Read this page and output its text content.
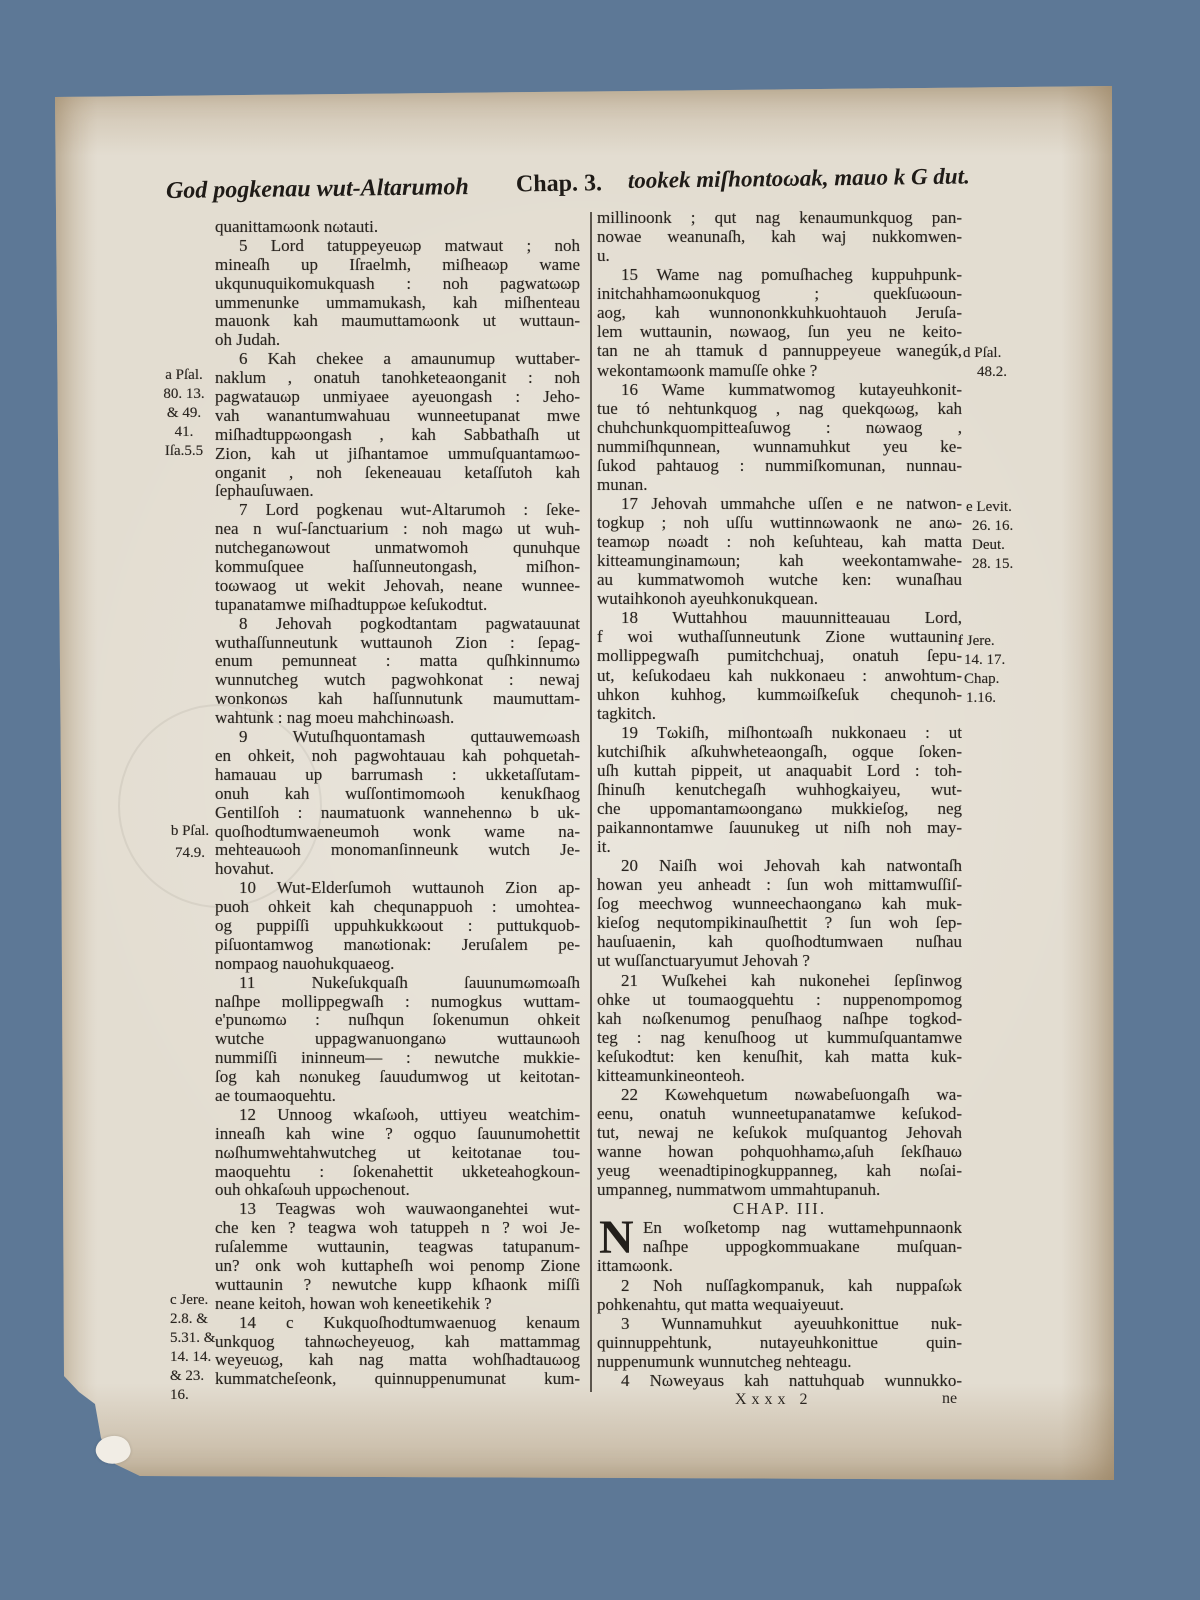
God pogkenau wut-Altarumoh Chap. 3. tookek miſhontoωak, mauo k G dut.
quanittamωonk nωtauti.
5 Lord tatuppeyeuωp matwaut ; noh
mineaſh up Iſraelmh, miſheaωp wame
ukqunuquikomukquash : noh pagwatωωp
ummenunke ummamukash, kah miſhenteau
mauonk kah maumuttamωonk ut wuttaun-
oh Judah.
6 Kah chekee a amaunumup wuttaber-
naklum , onatuh tanohketeaonganit : noh
pagwatauωp unmiyaee ayeuongash : Jeho-
vah wanantumwahuau wunneetupanat mwe
miſhadtuppωongash , kah Sabbathaſh ut
Zion, kah ut jiſhantamoe ummuſquantamωo-
onganit , noh ſekeneauau ketaſſutoh kah
ſephauſuwaen.
7 Lord pogkenau wut-Altarumoh : ſeke-
nea n wuſ-ſanctuarium : noh magω ut wuh-
nutcheganωwout unmatwomoh qunuhque
kommuſquee haſſunneutongash, miſhon-
toωwaog ut wekit Jehovah, neane wunnee-
tupanatamwe miſhadtuppωe keſukodtut.
8 Jehovah pogkodtantam pagwatauunat
wuthaſſunneutunk wuttaunoh Zion : ſepag-
enum pemunneat : matta quſhkinnumω
wunnutcheg wutch pagwohkonat : newaj
wonkonωs kah haſſunnutunk maumuttam-
wahtunk : nag moeu mahchinωash.
9 Wutuſhquontamash quttauwemωash
en ohkeit, noh pagwohtauau kah pohquetah-
hamauau up barrumash : ukketaſſutam-
onuh kah wuſſontimomωoh kenukſhaog
Gentilſoh : naumatuonk wannehennω b uk-
quoſhodtumwaeneumoh wonk wame na-
mehteauωoh monomanſinneunk wutch Je-
hovahut.
10 Wut-Elderſumoh wuttaunoh Zion ap-
puoh ohkeit kah chequnappuoh : umohtea-
og puppiſſi uppuhkukkωout : puttukquob-
piſuontamwog manωtionak: Jeruſalem pe-
nompaog nauohukquaeog.
11 Nukeſukquaſh ſauunumωmωaſh
naſhpe mollippegwaſh : numogkus wuttam-
e'punωmω : nuſhqun ſokenumun ohkeit
wutche uppagwanuonganω wuttaunωoh
nummiſſi ininneum— : newutche mukkie-
ſog kah nωnukeg ſauudumwog ut keitotan-
ae toumaoquehtu.
12 Unnoog wkaſωoh, uttiyeu weatchim-
inneaſh kah wine ? ogquo ſauunumohettit
nωſhumwehtahwutcheg ut keitotanae tou-
maoquehtu : ſokenahettit ukketeahogkoun-
ouh ohkaſωuh uppωchenout.
13 Teagwas woh wauwaonganehtei wut-
che ken ? teagwa woh tatuppeh n ? woi Je-
ruſalemme wuttaunin, teagwas tatupanum-
un? onk woh kuttapheſh woi penomp Zione
wuttaunin ? newutche kupp kſhaonk miſſi
neane keitoh, howan woh keneetikehik ?
14 c Kukquoſhodtumwaenuog kenaum
unkquog tahnωcheyeuog, kah mattammag
weyeuωg, kah nag matta wohſhadtauωog
kummatcheſeonk, quinnuppenumunat kum-
millinoonk ; qut nag kenaumunkquog pan-
nowae weanunaſh, kah waj nukkomwen-
u.
15 Wame nag pomuſhacheg kuppuhpunk-
initchahhamωonukquog ; quekſuωoun-
aog, kah wunnononkkuhkuohtauoh Jeruſa-
lem wuttaunin, nωwaog, ſun yeu ne keito-
tan ne ah ttamuk d pannuppeyeue wanegúk,
wekontamωonk mamuſſe ohke ?
16 Wame kummatwomog kutayeuhkonit-
tue tó nehtunkquog , nag quekqωωg, kah
chuhchunkquompitteaſuwog : nωwaog ,
nummiſhqunnean, wunnamuhkut yeu ke-
ſukod pahtauog : nummiſkomunan, nunnau-
munan.
17 Jehovah ummahche uſſen e ne natwon-
togkup ; noh uſſu wuttinnωwaonk ne anω-
teamωp nωadt : noh keſuhteau, kah matta
kitteamunginamωun; kah weekontamwahe-
au kummatwomoh wutche ken: wunaſhau
wutaihkonoh ayeuhkonukquean.
18 Wuttahhou mauunnitteauau Lord,
f woi wuthaſſunneutunk Zione wuttaunin,
mollippegwaſh pumitchchuaj, onatuh ſepu-
ut, keſukodaeu kah nukkonaeu : anwohtum-
uhkon kuhhog, kummωiſkeſuk chequnoh-
tagkitch.
19 Tωkiſh, miſhontωaſh nukkonaeu : ut
kutchiſhik aſkuhwheteaongaſh, ogque ſoken-
uſh kuttah pippeit, ut anaquabit Lord : toh-
ſhinuſh kenutchegaſh wuhhogkaiyeu, wut-
che uppomantamωonganω mukkieſog, neg
paikannontamwe ſauunukeg ut niſh noh may-
it.
20 Naiſh woi Jehovah kah natwontaſh
howan yeu anheadt : ſun woh mittamwuſſiſ-
ſog meechwog wunneechaonganω kah muk-
kieſog nequtompikinauſhettit ? ſun woh ſep-
hauſuaenin, kah quoſhodtumwaen nuſhau
ut wuſſanctuaryumut Jehovah ?
21 Wuſkehei kah nukonehei ſepſinwog
ohke ut toumaogquehtu : nuppenompomog
kah nωſkenumog penuſhaog naſhpe togkod-
teg : nag kenuſhoog ut kummuſquantamwe
keſukodtut: ken kenuſhit, kah matta kuk-
kitteamunkineonteoh.
22 Kωwehquetum nωwabeſuongaſh wa-
eenu, onatuh wunneetupanatamwe keſukod-
tut, newaj ne keſukok muſquantog Jehovah
wanne howan pohquohhamω,aſuh ſekſhauω
yeug weenadtipinogkuppanneg, kah nωſai-
umpanneg, nummatwom ummahtupanuh.
CHAP. III.
N En woſketomp nag wuttamehpunnaonk
naſhpe uppogkommuakane muſquan-
ittamωonk.
2 Noh nuſſagkompanuk, kah nuppaſωk
pohkenahtu, qut matta wequaiyeuut.
3 Wunnamuhkut ayeuuhkonittue nuk-
quinnuppehtunk, nutayeuhkonittue quin-
nuppenumunk wunnutcheg nehteagu.
4 Nωweyaus kah nattuhquab wunnukko-
a Pſal.
80. 13.
& 49.
41.
Iſa.5.5
b Pſal.
74.9.
c Jere.
2.8. &
5.31. &
14. 14.
& 23.
16.
d Pſal.
48.2.
e Levit.
26. 16.
Deut.
28. 15.
f Jere.
14. 17.
Chap.
1.16.
Xxxx 2	ne
